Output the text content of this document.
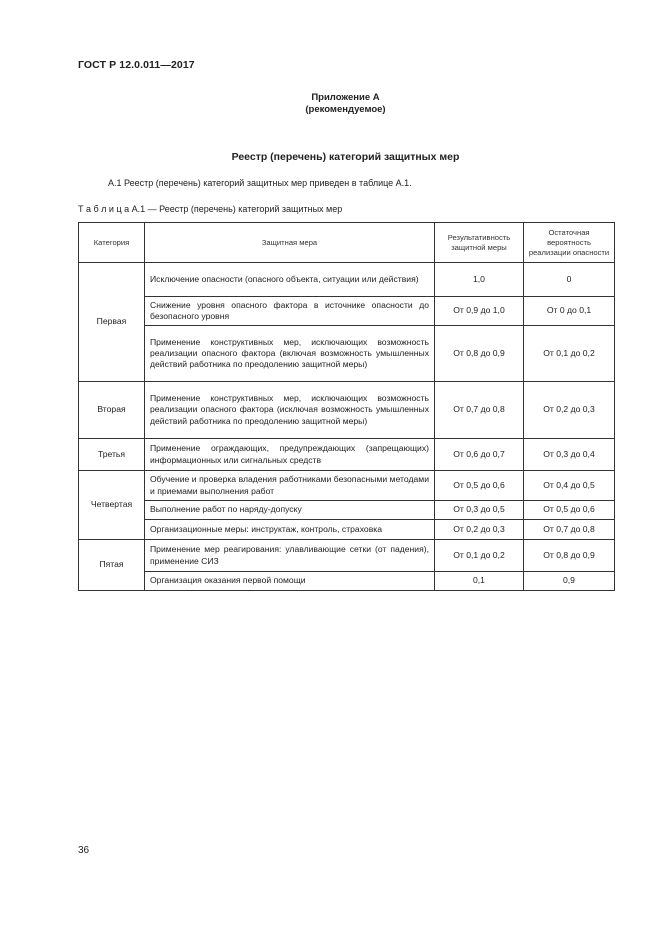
ГОСТ Р 12.0.011—2017
Приложение А
(рекомендуемое)
Реестр (перечень) категорий защитных мер
А.1 Реестр (перечень) категорий защитных мер приведен в таблице А.1.
Т а б л и ц а А.1 — Реестр (перечень) категорий защитных мер
Категория	Защитная мера	Результативность защитной меры	Остаточная вероятность реализации опасности
Первая	Исключение опасности (опасного объекта, ситуации или действия)	1,0	0
	Снижение уровня опасного фактора в источнике опасности до безопасного уровня	От 0,9 до 1,0	От 0 до 0,1
	Применение конструктивных мер, исключающих возможность реализации опасного фактора (включая возможность умышленных действий работника по преодолению защитной меры)	От 0,8 до 0,9	От 0,1 до 0,2
Вторая	Применение конструктивных мер, исключающих возможность реализации опасного фактора (исключая возможность умышленных действий работника по преодолению защитной меры)	От 0,7 до 0,8	От 0,2 до 0,3
Третья	Применение ограждающих, предупреждающих (запрещающих) информационных или сигнальных средств	От 0,6 до 0,7	От 0,3 до 0,4
Четвертая	Обучение и проверка владения работниками безопасными методами и приемами выполнения работ	От 0,5 до 0,6	От 0,4 до 0,5
	Выполнение работ по наряду-допуску	От 0,3 до 0,5	От 0,5 до 0,6
	Организационные меры: инструктаж, контроль, страховка	От 0,2 до 0,3	От 0,7 до 0,8
Пятая	Применение мер реагирования: улавливающие сетки (от падения), применение СИЗ	От 0,1 до 0,2	От 0,8 до 0,9
	Организация оказания первой помощи	0,1	0,9
36
